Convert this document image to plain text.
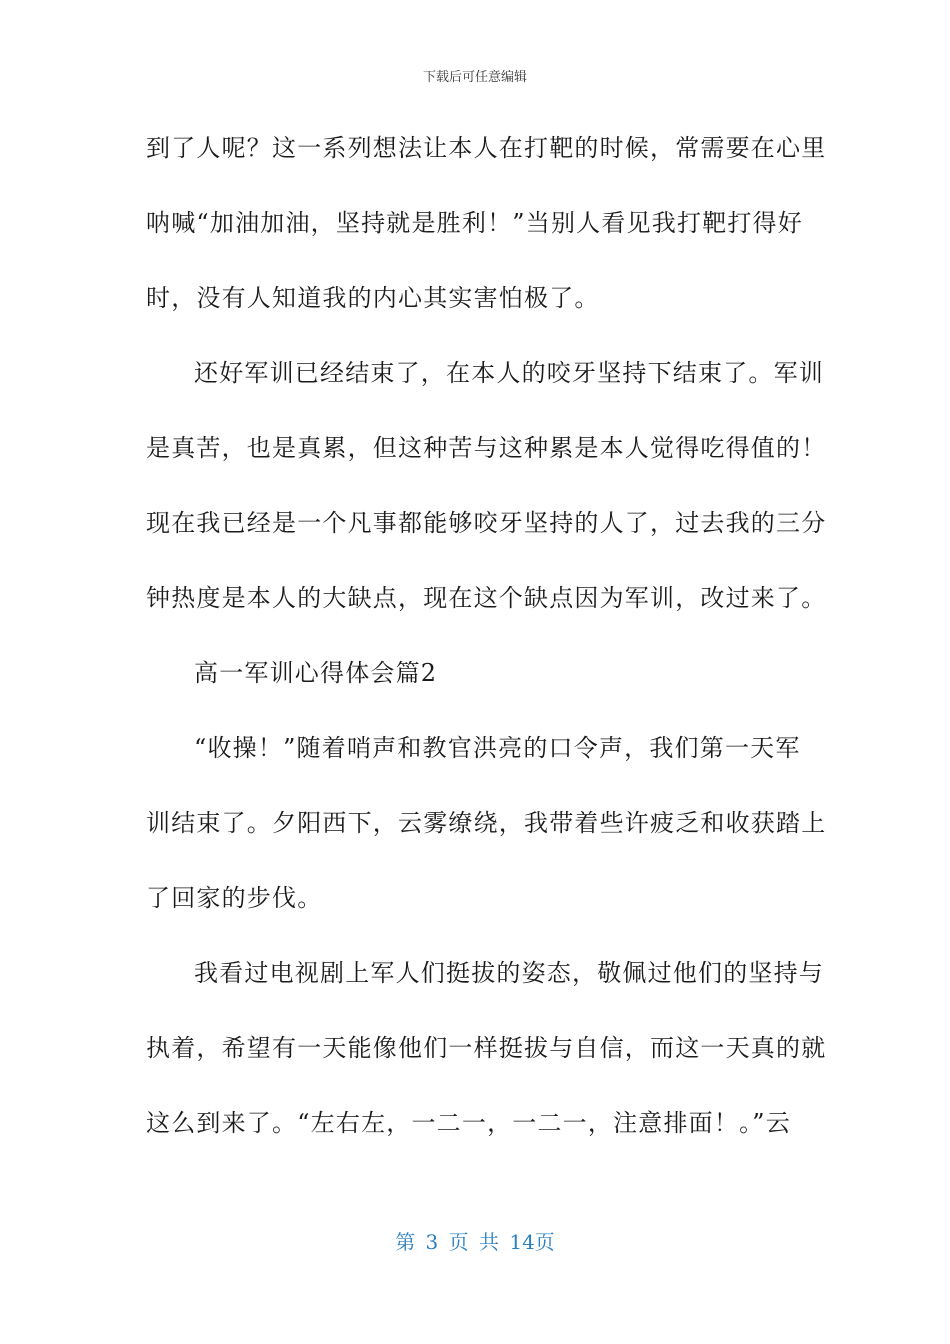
下载后可任意编辑
到了人呢？这一系列想法让本人在打靶的时候，常需要在心里
呐喊“加油加油，坚持就是胜利！”当别人看见我打靶打得好
时，没有人知道我的内心其实害怕极了。
还好军训已经结束了，在本人的咬牙坚持下结束了。军训
是真苦，也是真累，但这种苦与这种累是本人觉得吃得值的！
现在我已经是一个凡事都能够咬牙坚持的人了，过去我的三分
钟热度是本人的大缺点，现在这个缺点因为军训，改过来了。
高一军训心得体会篇2
“收操！”随着哨声和教官洪亮的口令声，我们第一天军
训结束了。夕阳西下，云雾缭绕，我带着些许疲乏和收获踏上
了回家的步伐。
我看过电视剧上军人们挺拔的姿态，敬佩过他们的坚持与
执着，希望有一天能像他们一样挺拔与自信，而这一天真的就
这么到来了。“左右左，一二一，一二一，注意排面！。”云
第 3 页 共 14页
